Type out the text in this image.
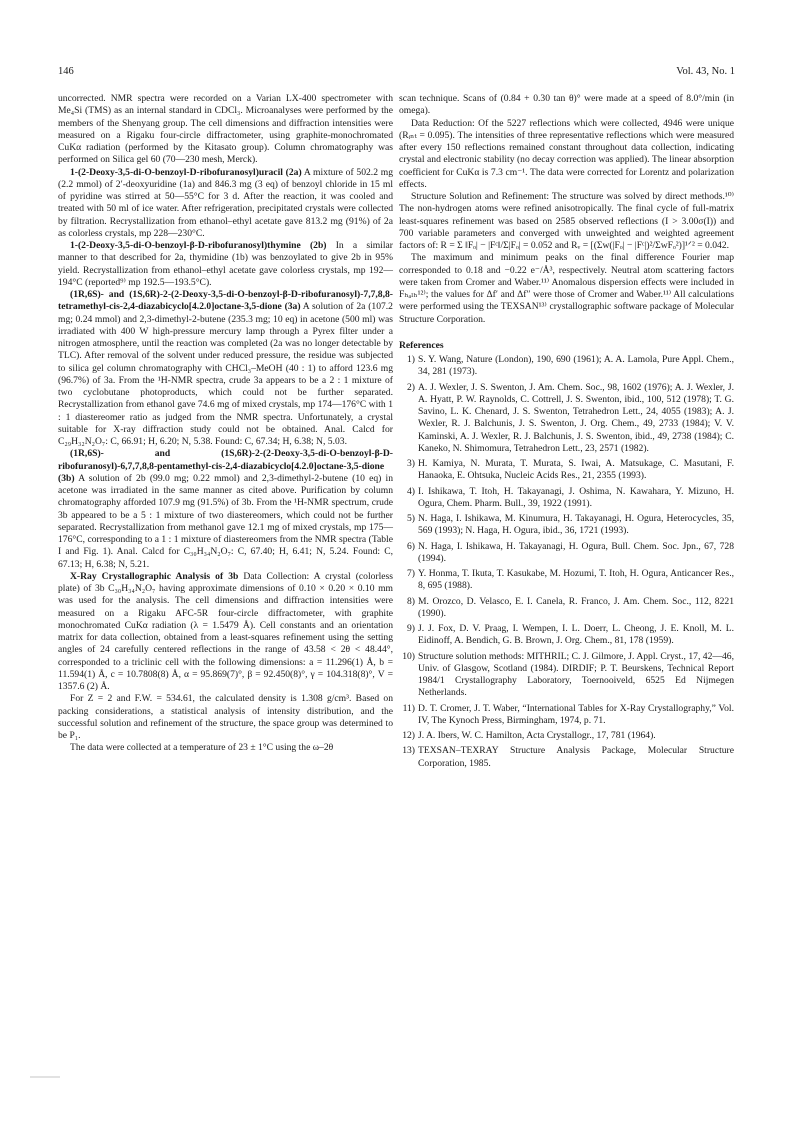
146	Vol. 43, No. 1

uncorrected. NMR spectra were recorded on a Varian LX-400 spectrometer with Me₄Si (TMS) as an internal standard in CDCl₃. Microanalyses were performed by the members of the Shenyang group. The cell dimensions and diffraction intensities were measured on a Rigaku four-circle diffractometer, using graphite-monochromated CuKα radiation (performed by the Kitasato group). Column chromatography was performed on Silica gel 60 (70—230 mesh, Merck).

1-(2-Deoxy-3,5-di-O-benzoyl-D-ribofuranosyl)uracil (2a) A mixture of 502.2 mg (2.2 mmol) of 2′-deoxyuridine (1a) and 846.3 mg (3 eq) of benzoyl chloride in 15 ml of pyridine was stirred at 50—55°C for 3 d. After the reaction, it was cooled and treated with 50 ml of ice water. After refrigeration, precipitated crystals were collected by filtration. Recrystallization from ethanol–ethyl acetate gave 813.2 mg (91%) of 2a as colorless crystals, mp 228—230°C.

1-(2-Deoxy-3,5-di-O-benzoyl-β-D-ribofuranosyl)thymine (2b) In a similar manner to that described for 2a, thymidine (1b) was benzoylated to give 2b in 95% yield. Recrystallization from ethanol–ethyl acetate gave colorless crystals, mp 192—194°C (reported⁹⁾ mp 192.5—193.5°C).

(1R,6S)- and (1S,6R)-2-(2-Deoxy-3,5-di-O-benzoyl-β-D-ribofuranosyl)-7,7,8,8-tetramethyl-cis-2,4-diazabicyclo[4.2.0]octane-3,5-dione (3a) A solution of 2a (107.2 mg; 0.24 mmol) and 2,3-dimethyl-2-butene (235.3 mg; 10 eq) in acetone (500 ml) was irradiated with 400 W high-pressure mercury lamp through a Pyrex filter under a nitrogen atmosphere, until the reaction was completed (2a was no longer detectable by TLC). After removal of the solvent under reduced pressure, the residue was subjected to silica gel column chromatography with CHCl₃–MeOH (40 : 1) to afford 123.6 mg (96.7%) of 3a. From the ¹H-NMR spectra, crude 3a appears to be a 2 : 1 mixture of two cyclobutane photoproducts, which could not be further separated. Recrystallization from ethanol gave 74.6 mg of mixed crystals, mp 174—176°C with 1 : 1 diastereomer ratio as judged from the NMR spectra. Unfortunately, a crystal suitable for X-ray diffraction study could not be obtained. Anal. Calcd for C₂₉H₃₂N₂O₇: C, 66.91; H, 6.20; N, 5.38. Found: C, 67.34; H, 6.38; N, 5.03.

(1R,6S)- and (1S,6R)-2-(2-Deoxy-3,5-di-O-benzoyl-β-D-ribofuranosyl)-6,7,7,8,8-pentamethyl-cis-2,4-diazabicyclo[4.2.0]octane-3,5-dione (3b) A solution of 2b (99.0 mg; 0.22 mmol) and 2,3-dimethyl-2-butene (10 eq) in acetone was irradiated in the same manner as cited above. Purification by column chromatography afforded 107.9 mg (91.5%) of 3b. From the ¹H-NMR spectrum, crude 3b appeared to be a 5 : 1 mixture of two diastereomers, which could not be further separated. Recrystallization from methanol gave 12.1 mg of mixed crystals, mp 175—176°C, corresponding to a 1 : 1 mixture of diastereomers from the NMR spectra (Table I and Fig. 1). Anal. Calcd for C₃₀H₃₄N₂O₇: C, 67.40; H, 6.41; N, 5.24. Found: C, 67.13; H, 6.38; N, 5.21.

X-Ray Crystallographic Analysis of 3b Data Collection: A crystal (colorless plate) of 3b C₃₀H₃₄N₂O₇ having approximate dimensions of 0.10 × 0.20 × 0.10 mm was used for the analysis. The cell dimensions and diffraction intensities were measured on a Rigaku AFC-5R four-circle diffractometer, with graphite monochromated CuKα radiation (λ = 1.5479 Å). Cell constants and an orientation matrix for data collection, obtained from a least-squares refinement using the setting angles of 24 carefully centered reflections in the range of 43.58 < 2θ < 48.44°, corresponded to a triclinic cell with the following dimensions: a = 11.296(1) Å, b = 11.594(1) Å, c = 10.7808(8) Å, α = 95.869(7)°, β = 92.450(8)°, γ = 104.318(8)°, V = 1357.6 (2) Å.

For Z = 2 and F.W. = 534.61, the calculated density is 1.308 g/cm³. Based on packing considerations, a statistical analysis of intensity distribution, and the successful solution and refinement of the structure, the space group was determined to be P₁.

The data were collected at a temperature of 23 ± 1°C using the ω–2θ

scan technique. Scans of (0.84 + 0.30 tan θ)° were made at a speed of 8.0°/min (in omega).

Data Reduction: Of the 5227 reflections which were collected, 4946 were unique (Rᵢₙₜ = 0.095). The intensities of three representative reflections which were measured after every 150 reflections remained constant throughout data collection, indicating crystal and electronic stability (no decay correction was applied). The linear absorption coefficient for CuKα is 7.3 cm⁻¹. The data were corrected for Lorentz and polarization effects.

Structure Solution and Refinement: The structure was solved by direct methods.¹⁰⁾ The non-hydrogen atoms were refined anisotropically. The final cycle of full-matrix least-squares refinement was based on 2585 observed reflections (I > 3.00σ(I)) and 700 variable parameters and converged with unweighted and weighted agreement factors of: R = Σ ‖Fₒ| − |Fᶜ‖/Σ|Fₒ| = 0.052 and Rᵥ = [(Σw(|Fₒ| − |Fᶜ|)²/ΣwFₒ²)]¹ᐟ² = 0.042.

The maximum and minimum peaks on the final difference Fourier map corresponded to 0.18 and −0.22 e⁻/Å³, respectively. Neutral atom scattering factors were taken from Cromer and Waber.¹¹⁾ Anomalous dispersion effects were included in Fₕₐₗₕ¹²⁾; the values for Δf′ and Δf″ were those of Cromer and Waber.¹¹⁾ All calculations were performed using the TEXSAN¹³⁾ crystallographic software package of Molecular Structure Corporation.

References
1) S. Y. Wang, Nature (London), 190, 690 (1961); A. A. Lamola, Pure Appl. Chem., 34, 281 (1973).
2) A. J. Wexler, J. S. Swenton, J. Am. Chem. Soc., 98, 1602 (1976); A. J. Wexler, J. A. Hyatt, P. W. Raynolds, C. Cottrell, J. S. Swenton, ibid., 100, 512 (1978); T. G. Savino, L. K. Chenard, J. S. Swenton, Tetrahedron Lett., 24, 4055 (1983); A. J. Wexler, R. J. Balchunis, J. S. Swenton, J. Org. Chem., 49, 2733 (1984); V. V. Kaminski, A. J. Wexler, R. J. Balchunis, J. S. Swenton, ibid., 49, 2738 (1984); C. Kaneko, N. Shimomura, Tetrahedron Lett., 23, 2571 (1982).
3) H. Kamiya, N. Murata, T. Murata, S. Iwai, A. Matsukage, C. Masutani, F. Hanaoka, E. Ohtsuka, Nucleic Acids Res., 21, 2355 (1993).
4) I. Ishikawa, T. Itoh, H. Takayanagi, J. Oshima, N. Kawahara, Y. Mizuno, H. Ogura, Chem. Pharm. Bull., 39, 1922 (1991).
5) N. Haga, I. Ishikawa, M. Kinumura, H. Takayanagi, H. Ogura, Heterocycles, 35, 569 (1993); N. Haga, H. Ogura, ibid., 36, 1721 (1993).
6) N. Haga, I. Ishikawa, H. Takayanagi, H. Ogura, Bull. Chem. Soc. Jpn., 67, 728 (1994).
7) Y. Honma, T. Ikuta, T. Kasukabe, M. Hozumi, T. Itoh, H. Ogura, Anticancer Res., 8, 695 (1988).
8) M. Orozco, D. Velasco, E. I. Canela, R. Franco, J. Am. Chem. Soc., 112, 8221 (1990).
9) J. J. Fox, D. V. Praag, I. Wempen, I. L. Doerr, L. Cheong, J. E. Knoll, M. L. Eidinoff, A. Bendich, G. B. Brown, J. Org. Chem., 81, 178 (1959).
10) Structure solution methods: MITHRIL; C. J. Gilmore, J. Appl. Cryst., 17, 42—46, Univ. of Glasgow, Scotland (1984). DIRDIF; P. T. Beurskens, Technical Report 1984/1 Crystallography Laboratory, Toernooiveld, 6525 Ed Nijmegen Netherlands.
11) D. T. Cromer, J. T. Waber, “International Tables for X-Ray Crystallography,” Vol. IV, The Kynoch Press, Birmingham, 1974, p. 71.
12) J. A. Ibers, W. C. Hamilton, Acta Crystallogr., 17, 781 (1964).
13) TEXSAN–TEXRAY Structure Analysis Package, Molecular Structure Corporation, 1985.
